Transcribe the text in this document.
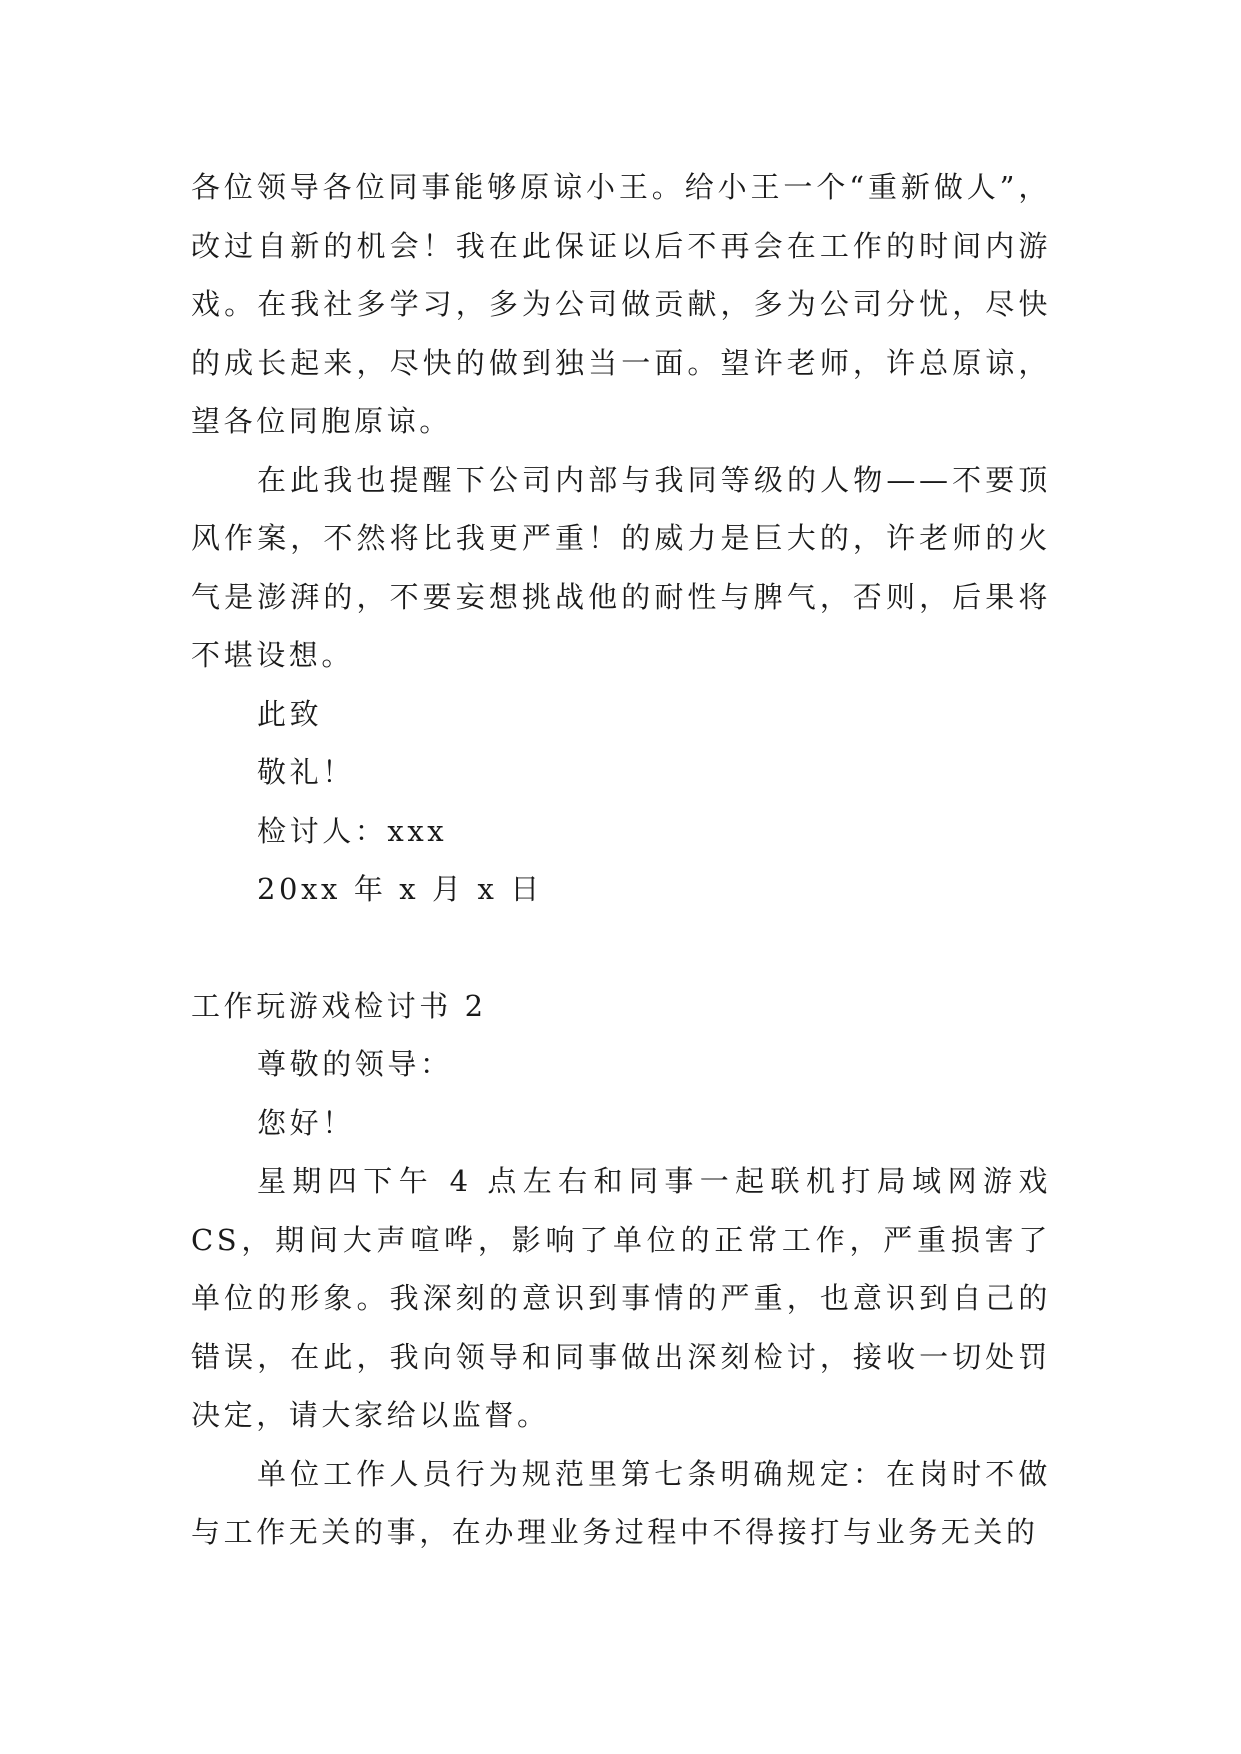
各位领导各位同事能够原谅小王。给小王一个“重新做人”，改过自新的机会！我在此保证以后不再会在工作的时间内游戏。在我社多学习，多为公司做贡献，多为公司分忧，尽快的成长起来，尽快的做到独当一面。望许老师，许总原谅，望各位同胞原谅。

在此我也提醒下公司内部与我同等级的人物——不要顶风作案，不然将比我更严重！的威力是巨大的，许老师的火气是澎湃的，不要妄想挑战他的耐性与脾气，否则，后果将不堪设想。

此致

敬礼！

检讨人：xxx

20xx 年 x 月 x 日

工作玩游戏检讨书 2

尊敬的领导：

您好！

星期四下午 4 点左右和同事一起联机打局域网游戏 CS，期间大声喧哗，影响了单位的正常工作，严重损害了单位的形象。我深刻的意识到事情的严重，也意识到自己的错误，在此，我向领导和同事做出深刻检讨，接收一切处罚决定，请大家给以监督。

单位工作人员行为规范里第七条明确规定：在岗时不做与工作无关的事，在办理业务过程中不得接打与业务无关的
